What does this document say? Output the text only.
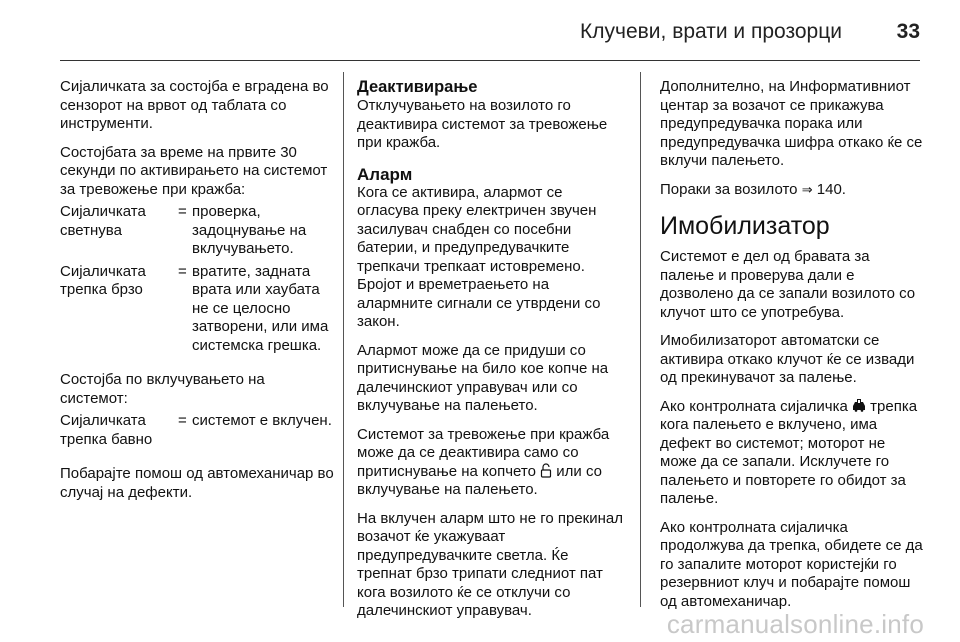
Клучеви, врати и прозорци	33

Сијаличката за состојба е вградена во сензорот на врвот од таблата со инструменти.

Состојбата за време на првите 30 секунди по активирањето на системот за тревожење при кражба:

Сијаличката светнува
= проверка, задоцнување на вклучувањето.
Сијаличката трепка брзо
= вратите, задната врата или хаубата не се целосно затворени, или има системска грешка.

Состојба по вклучувањето на системот:

Сијаличката трепка бавно
= системот е вклучен.

Побарајте помош од автомеханичар во случај на дефекти.

Деактивирање

Отклучувањето на возилото го деактивира системот за тревожење при кражба.

Аларм

Кога се активира, алармот се огласува преку електричен звучен засилувач снабден со посебни батерии, и предупредувачките трепкачи трепкаат истовремено. Бројот и времетраењето на алармните сигнали се утврдени со закон.

Алармот може да се придуши со притиснување на било кое копче на далечинскиот управувач или со вклучување на палењето.

Системот за тревожење при кражба може да се деактивира само со притиснување на копчето или со вклучување на палењето.

На вклучен аларм што не го прекинал возачот ќе укажуваат предупредувачките светла. Ќе трепнат брзо трипати следниот пат кога возилото ќе се отклучи со далечинскиот управувач.

Дополнително, на Информативниот центар за возачот се прикажува предупредувачка порака или предупредувачка шифра откако ќе се вклучи палењето.

Пораки за возилото ⇒ 140.

Имобилизатор

Системот е дел од бравата за палење и проверува дали е дозволено да се запали возилото со клучот што се употребува.

Имобилизаторот автоматски се активира откако клучот ќе се извади од прекинувачот за палење.

Ако контролната сијаличка трепка кога палењето е вклучено, има дефект во системот; моторот не може да се запали. Исклучете го палењето и повторете го обидот за палење.

Ако контролната сијаличка продолжува да трепка, обидете се да го запалите моторот користејќи го резервниот клуч и побарајте помош од автомеханичар.

carmanualsonline.info
